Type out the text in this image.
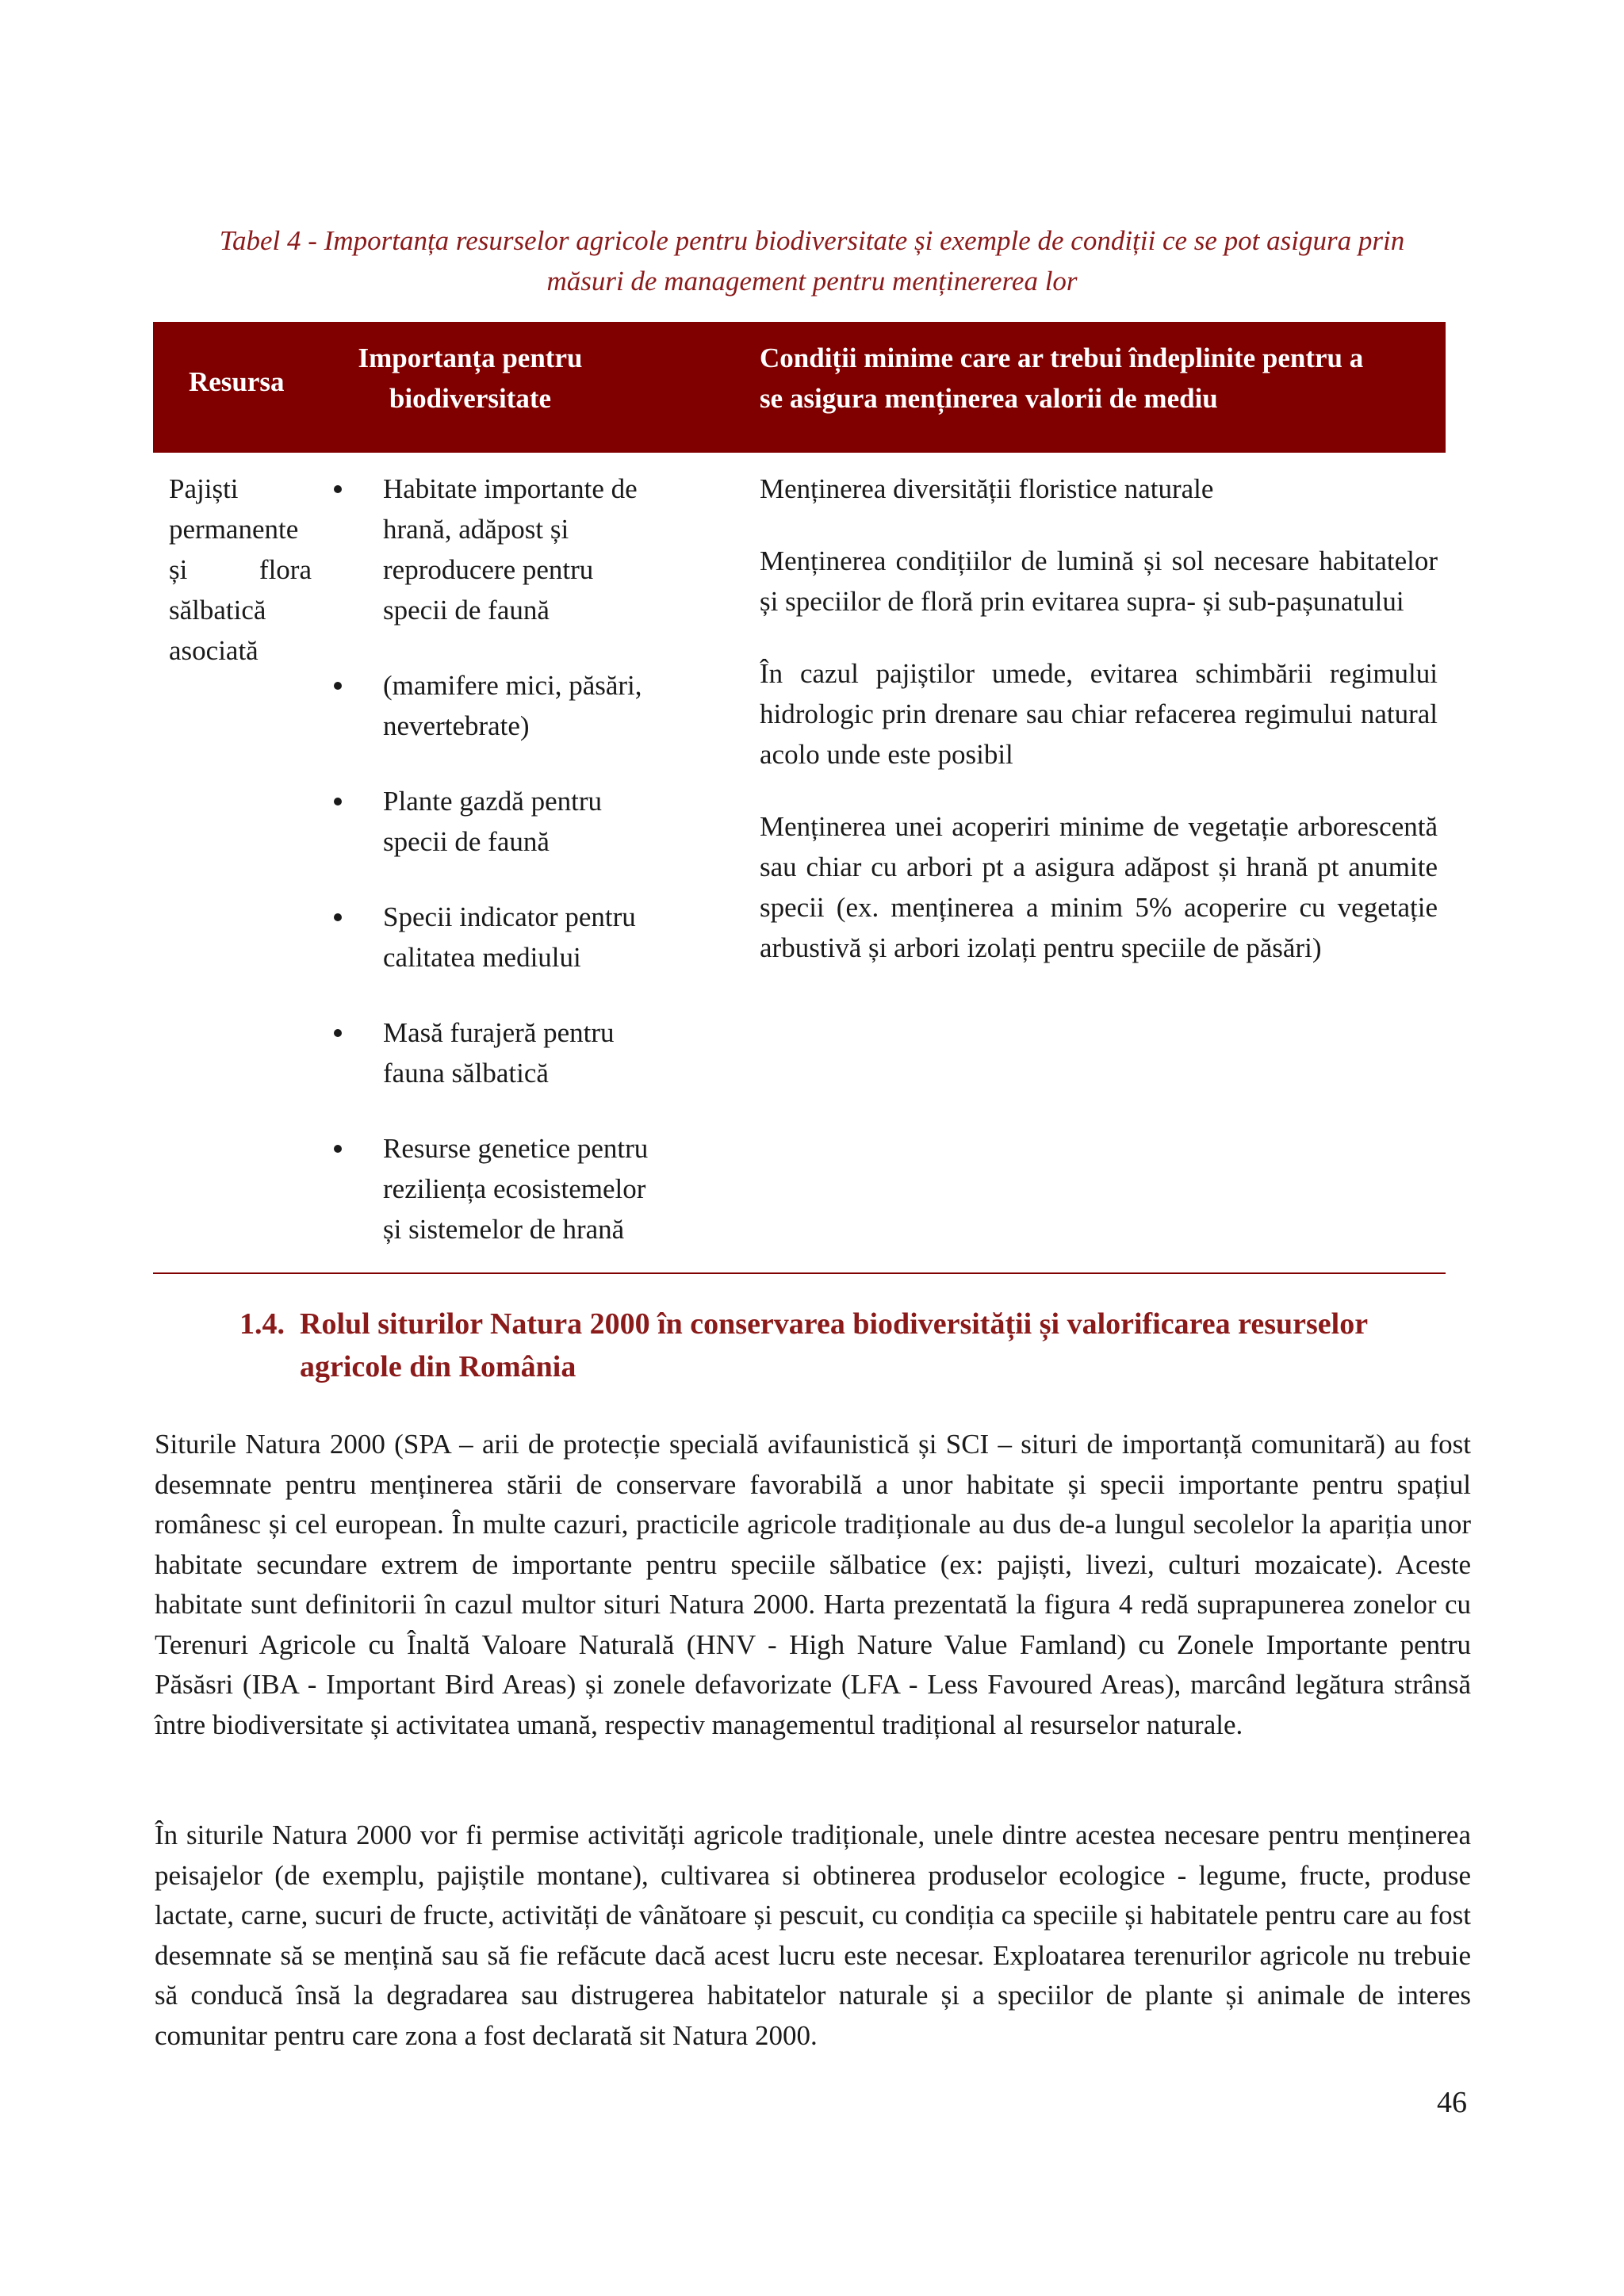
Tabel 4 - Importanța resurselor agricole pentru biodiversitate și exemple de condiții ce se pot asigura prin
măsuri de management pentru menținererea lor
Resursa
Importanța pentru
biodiversitate
Condiții minime care ar trebui îndeplinite pentru a
se asigura menținerea valorii de mediu
Pajiști
permanente
și	flora
sălbatică
asociată
Habitate importante de
hrană, adăpost și
reproducere pentru
specii de faună
(mamifere mici, păsări,
nevertebrate)
Plante gazdă pentru
specii de faună
Specii indicator pentru
calitatea mediului
Masă furajeră pentru
fauna sălbatică
Resurse genetice pentru
reziliența ecosistemelor
și sistemelor de hrană

Menținerea diversității floristice naturale

Menținerea condițiilor de lumină și sol necesare habitatelor și speciilor de floră prin evitarea supra- și sub-pașunatului

În cazul pajiștilor umede, evitarea schimbării regimului hidrologic prin drenare sau chiar refacerea regimului natural acolo unde este posibil

Menținerea unei acoperiri minime de vegetație arborescentă sau chiar cu arbori pt a asigura adăpost și hrană pt anumite specii (ex. menținerea a minim 5% acoperire cu vegetație arbustivă și arbori izolați pentru speciile de păsări)

1.4. Rolul siturilor Natura 2000 în conservarea biodiversității și valorificarea resurselor agricole din România

Siturile Natura 2000 (SPA – arii de protecție specială avifaunistică și SCI – situri de importanță comunitară) au fost desemnate pentru menținerea stării de conservare favorabilă a unor habitate și specii importante pentru spațiul românesc și cel european. În multe cazuri, practicile agricole tradiționale au dus de-a lungul secolelor la apariția unor habitate secundare extrem de importante pentru speciile sălbatice (ex: pajiști, livezi, culturi mozaicate). Aceste habitate sunt definitorii în cazul multor situri Natura 2000. Harta prezentată la figura 4 redă suprapunerea zonelor cu Terenuri Agricole cu Înaltă Valoare Naturală (HNV - High Nature Value Famland) cu Zonele Importante pentru Păsăsri (IBA - Important Bird Areas) și zonele defavorizate (LFA - Less Favoured Areas), marcând legătura strânsă între biodiversitate și activitatea umană, respectiv managementul tradițional al resurselor naturale.

În siturile Natura 2000 vor fi permise activități agricole tradiționale, unele dintre acestea necesare pentru menținerea peisajelor (de exemplu, pajiștile montane), cultivarea si obtinerea produselor ecologice - legume, fructe, produse lactate, carne, sucuri de fructe, activități de vânătoare și pescuit, cu condiția ca speciile și habitatele pentru care au fost desemnate să se mențină sau să fie refăcute dacă acest lucru este necesar. Exploatarea terenurilor agricole nu trebuie să conducă însă la degradarea sau distrugerea habitatelor naturale și a speciilor de plante și animale de interes comunitar pentru care zona a fost declarată sit Natura 2000.

46
